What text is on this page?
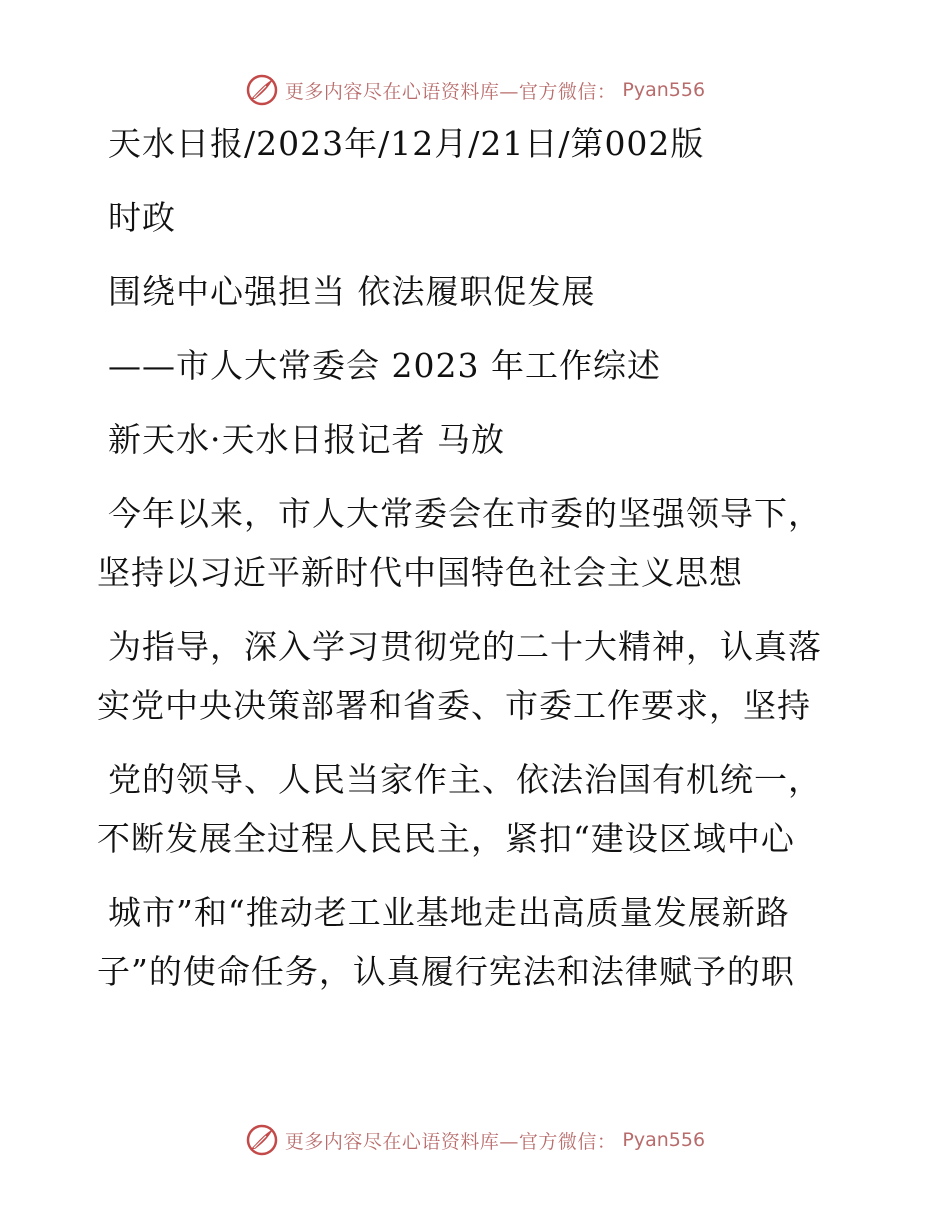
更多内容尽在心语资料库—官方微信： Pyan556
天水日报/2023年/12月/21日/第002版
时政
围绕中心强担当 依法履职促发展
——市人大常委会 2023 年工作综述
新天水·天水日报记者 马放
今年以来，市人大常委会在市委的坚强领导下，
坚持以习近平新时代中国特色社会主义思想
为指导，深入学习贯彻党的二十大精神，认真落
实党中央决策部署和省委、市委工作要求，坚持
党的领导、人民当家作主、依法治国有机统一，
不断发展全过程人民民主，紧扣“建设区域中心
城市”和“推动老工业基地走出高质量发展新路
子”的使命任务，认真履行宪法和法律赋予的职
更多内容尽在心语资料库—官方微信： Pyan556
